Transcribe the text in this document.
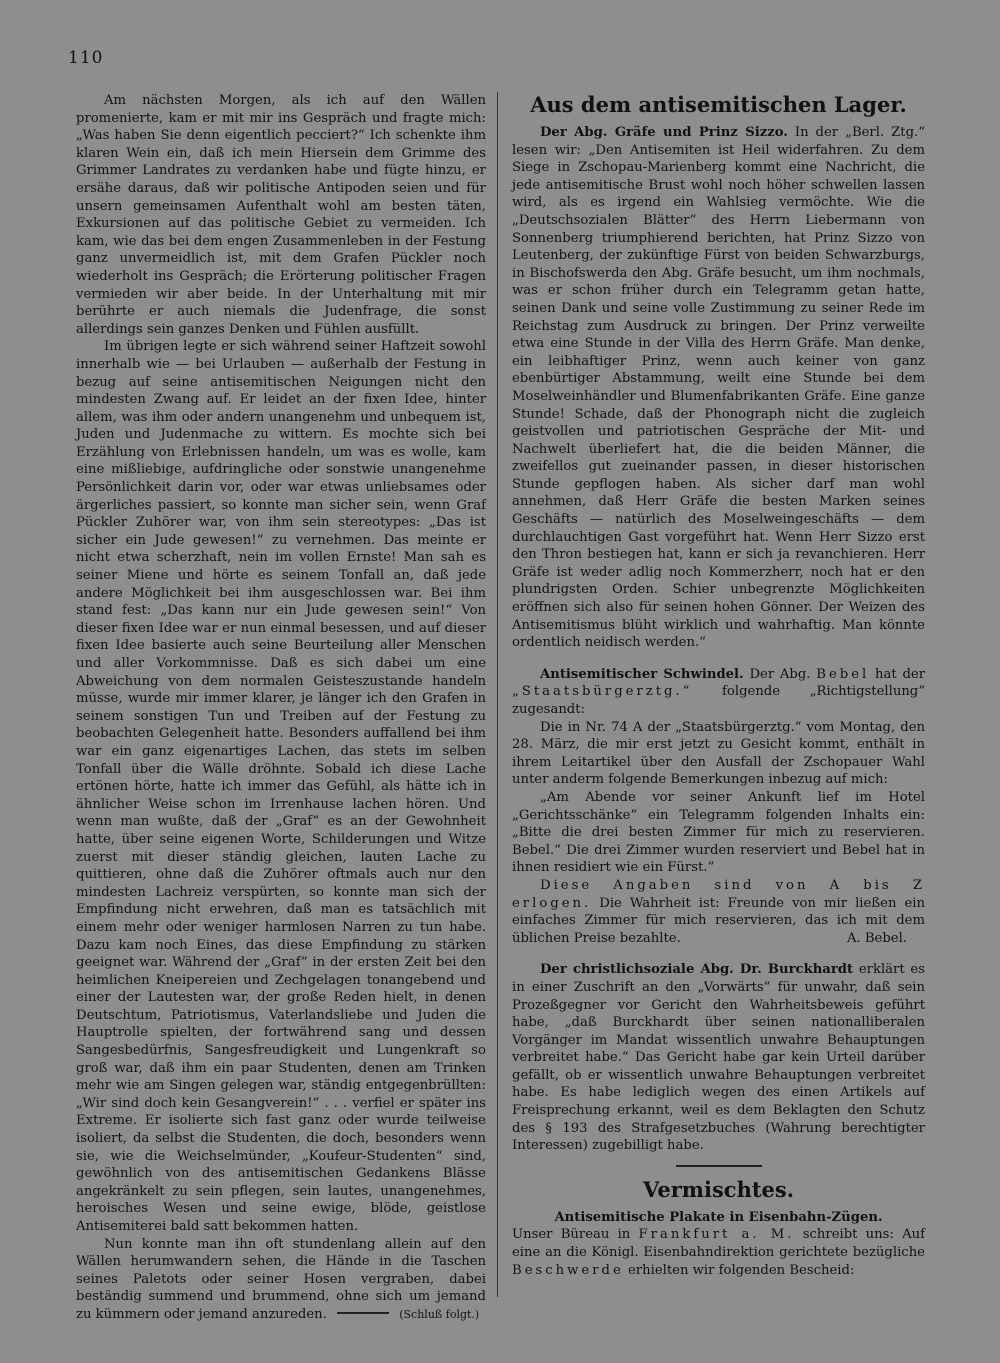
110

Am nächsten Morgen, als ich auf den Wällen promenierte, kam er mit mir ins Gespräch und fragte mich: „Was haben Sie denn eigentlich pecciert?“ Ich schenkte ihm klaren Wein ein, daß ich mein Hiersein dem Grimme des Grimmer Landrates zu verdanken habe und fügte hinzu, er ersähe daraus, daß wir politische Antipoden seien und für unsern gemeinsamen Aufenthalt wohl am besten täten, Exkursionen auf das politische Gebiet zu vermeiden. Ich kam, wie das bei dem engen Zusammenleben in der Festung ganz unvermeidlich ist, mit dem Grafen Pückler noch wiederholt ins Gespräch; die Erörterung politischer Fragen vermieden wir aber beide. In der Unterhaltung mit mir berührte er auch niemals die Judenfrage, die sonst allerdings sein ganzes Denken und Fühlen ausfüllt.

Im übrigen legte er sich während seiner Haftzeit sowohl innerhalb wie — bei Urlauben — außerhalb der Festung in bezug auf seine antisemitischen Neigungen nicht den mindesten Zwang auf. Er leidet an der fixen Idee, hinter allem, was ihm oder andern unangenehm und unbequem ist, Juden und Judenmache zu wittern. Es mochte sich bei Erzählung von Erlebnissen handeln, um was es wolle, kam eine mißliebige, aufdringliche oder sonstwie unangenehme Persönlichkeit darin vor, oder war etwas unliebsames oder ärgerliches passiert, so konnte man sicher sein, wenn Graf Pückler Zuhörer war, von ihm sein stereotypes: „Das ist sicher ein Jude gewesen!“ zu vernehmen. Das meinte er nicht etwa scherzhaft, nein im vollen Ernste! Man sah es seiner Miene und hörte es seinem Tonfall an, daß jede andere Möglichkeit bei ihm ausgeschlossen war. Bei ihm stand fest: „Das kann nur ein Jude gewesen sein!“ Von dieser fixen Idee war er nun einmal besessen, und auf dieser fixen Idee basierte auch seine Beurteilung aller Menschen und aller Vorkommnisse. Daß es sich dabei um eine Abweichung von dem normalen Geisteszustande handeln müsse, wurde mir immer klarer, je länger ich den Grafen in seinem sonstigen Tun und Treiben auf der Festung zu beobachten Gelegenheit hatte. Besonders auffallend bei ihm war ein ganz eigenartiges Lachen, das stets im selben Tonfall über die Wälle dröhnte. Sobald ich diese Lache ertönen hörte, hatte ich immer das Gefühl, als hätte ich in ähnlicher Weise schon im Irrenhause lachen hören. Und wenn man wußte, daß der „Graf“ es an der Gewohnheit hatte, über seine eigenen Worte, Schilderungen und Witze zuerst mit dieser ständig gleichen, lauten Lache zu quittieren, ohne daß die Zuhörer oftmals auch nur den mindesten Lachreiz verspürten, so konnte man sich der Empfindung nicht erwehren, daß man es tatsächlich mit einem mehr oder weniger harmlosen Narren zu tun habe. Dazu kam noch Eines, das diese Empfindung zu stärken geeignet war. Während der „Graf“ in der ersten Zeit bei den heimlichen Kneipereien und Zechgelagen tonangebend und einer der Lautesten war, der große Reden hielt, in denen Deutschtum, Patriotismus, Vaterlandsliebe und Juden die Hauptrolle spielten, der fortwährend sang und dessen Sangesbedürfnis, Sangesfreudigkeit und Lungenkraft so groß war, daß ihm ein paar Studenten, denen am Trinken mehr wie am Singen gelegen war, ständig entgegenbrüllten: „Wir sind doch kein Gesangverein!“ . . . verfiel er später ins Extreme. Er isolierte sich fast ganz oder wurde teilweise isoliert, da selbst die Studenten, die doch, besonders wenn sie, wie die Weichselmünder, „Koufeur-Studenten“ sind, gewöhnlich von des antisemitischen Gedankens Blässe angekränkelt zu sein pflegen, sein lautes, unangenehmes, heroisches Wesen und seine ewige, blöde, geistlose Antisemiterei bald satt bekommen hatten.

Nun konnte man ihn oft stundenlang allein auf den Wällen herumwandern sehen, die Hände in die Taschen seines Paletots oder seiner Hosen vergraben, dabei beständig summend und brummend, ohne sich um jemand zu kümmern oder jemand anzureden.	(Schluß folgt.)

Aus dem antisemitischen Lager.

Der Abg. Gräfe und Prinz Sizzo. In der „Berl. Ztg.“ lesen wir: „Den Antisemiten ist Heil widerfahren. Zu dem Siege in Zschopau-Marienberg kommt eine Nachricht, die jede antisemitische Brust wohl noch höher schwellen lassen wird, als es irgend ein Wahlsieg vermöchte. Wie die „Deutschsozialen Blätter“ des Herrn Liebermann von Sonnenberg triumphierend berichten, hat Prinz Sizzo von Leutenberg, der zukünftige Fürst von beiden Schwarzburgs, in Bischofswerda den Abg. Gräfe besucht, um ihm nochmals, was er schon früher durch ein Telegramm getan hatte, seinen Dank und seine volle Zustimmung zu seiner Rede im Reichstag zum Ausdruck zu bringen. Der Prinz verweilte etwa eine Stunde in der Villa des Herrn Gräfe. Man denke, ein leibhaftiger Prinz, wenn auch keiner von ganz ebenbürtiger Abstammung, weilt eine Stunde bei dem Moselweinhändler und Blumenfabrikanten Gräfe. Eine ganze Stunde! Schade, daß der Phonograph nicht die zugleich geistvollen und patriotischen Gespräche der Mit- und Nachwelt überliefert hat, die die beiden Männer, die zweifellos gut zueinander passen, in dieser historischen Stunde gepflogen haben. Als sicher darf man wohl annehmen, daß Herr Gräfe die besten Marken seines Geschäfts — natürlich des Moselweingeschäfts — dem durchlauchtigen Gast vorgeführt hat. Wenn Herr Sizzo erst den Thron bestiegen hat, kann er sich ja revanchieren. Herr Gräfe ist weder adlig noch Kommerzherr, noch hat er den plundrigsten Orden. Schier unbegrenzte Möglichkeiten eröffnen sich also für seinen hohen Gönner. Der Weizen des Antisemitismus blüht wirklich und wahrhaftig. Man könnte ordentlich neidisch werden.“

Antisemitischer Schwindel. Der Abg. Bebel hat der „Staatsbürgerztg.“ folgende „Richtigstellung“ zugesandt:

Die in Nr. 74 A der „Staatsbürgerztg.“ vom Montag, den 28. März, die mir erst jetzt zu Gesicht kommt, enthält in ihrem Leitartikel über den Ausfall der Zschopauer Wahl unter anderm folgende Bemerkungen inbezug auf mich:

„Am Abende vor seiner Ankunft lief im Hotel „Gerichtsschänke“ ein Telegramm folgenden Inhalts ein: „Bitte die drei besten Zimmer für mich zu reservieren. Bebel.“ Die drei Zimmer wurden reserviert und Bebel hat in ihnen residiert wie ein Fürst.“

Diese Angaben sind von A bis Z erlogen. Die Wahrheit ist: Freunde von mir ließen ein einfaches Zimmer für mich reservieren, das ich mit dem üblichen Preise bezahlte.	A. Bebel.

Der christlichsoziale Abg. Dr. Burckhardt erklärt es in einer Zuschrift an den „Vorwärts“ für unwahr, daß sein Prozeßgegner vor Gericht den Wahrheitsbeweis geführt habe, „daß Burckhardt über seinen nationalliberalen Vorgänger im Mandat wissentlich unwahre Behauptungen verbreitet habe.“ Das Gericht habe gar kein Urteil darüber gefällt, ob er wissentlich unwahre Behauptungen verbreitet habe. Es habe lediglich wegen des einen Artikels auf Freisprechung erkannt, weil es dem Beklagten den Schutz des § 193 des Strafgesetzbuches (Wahrung berechtigter Interessen) zugebilligt habe.

Vermischtes.
Antisemitische Plakate in Eisenbahn-Zügen.

Unser Büreau in Frankfurt a. M. schreibt uns: Auf eine an die Königl. Eisenbahndirektion gerichtete bezügliche Beschwerde erhielten wir folgenden Bescheid:
